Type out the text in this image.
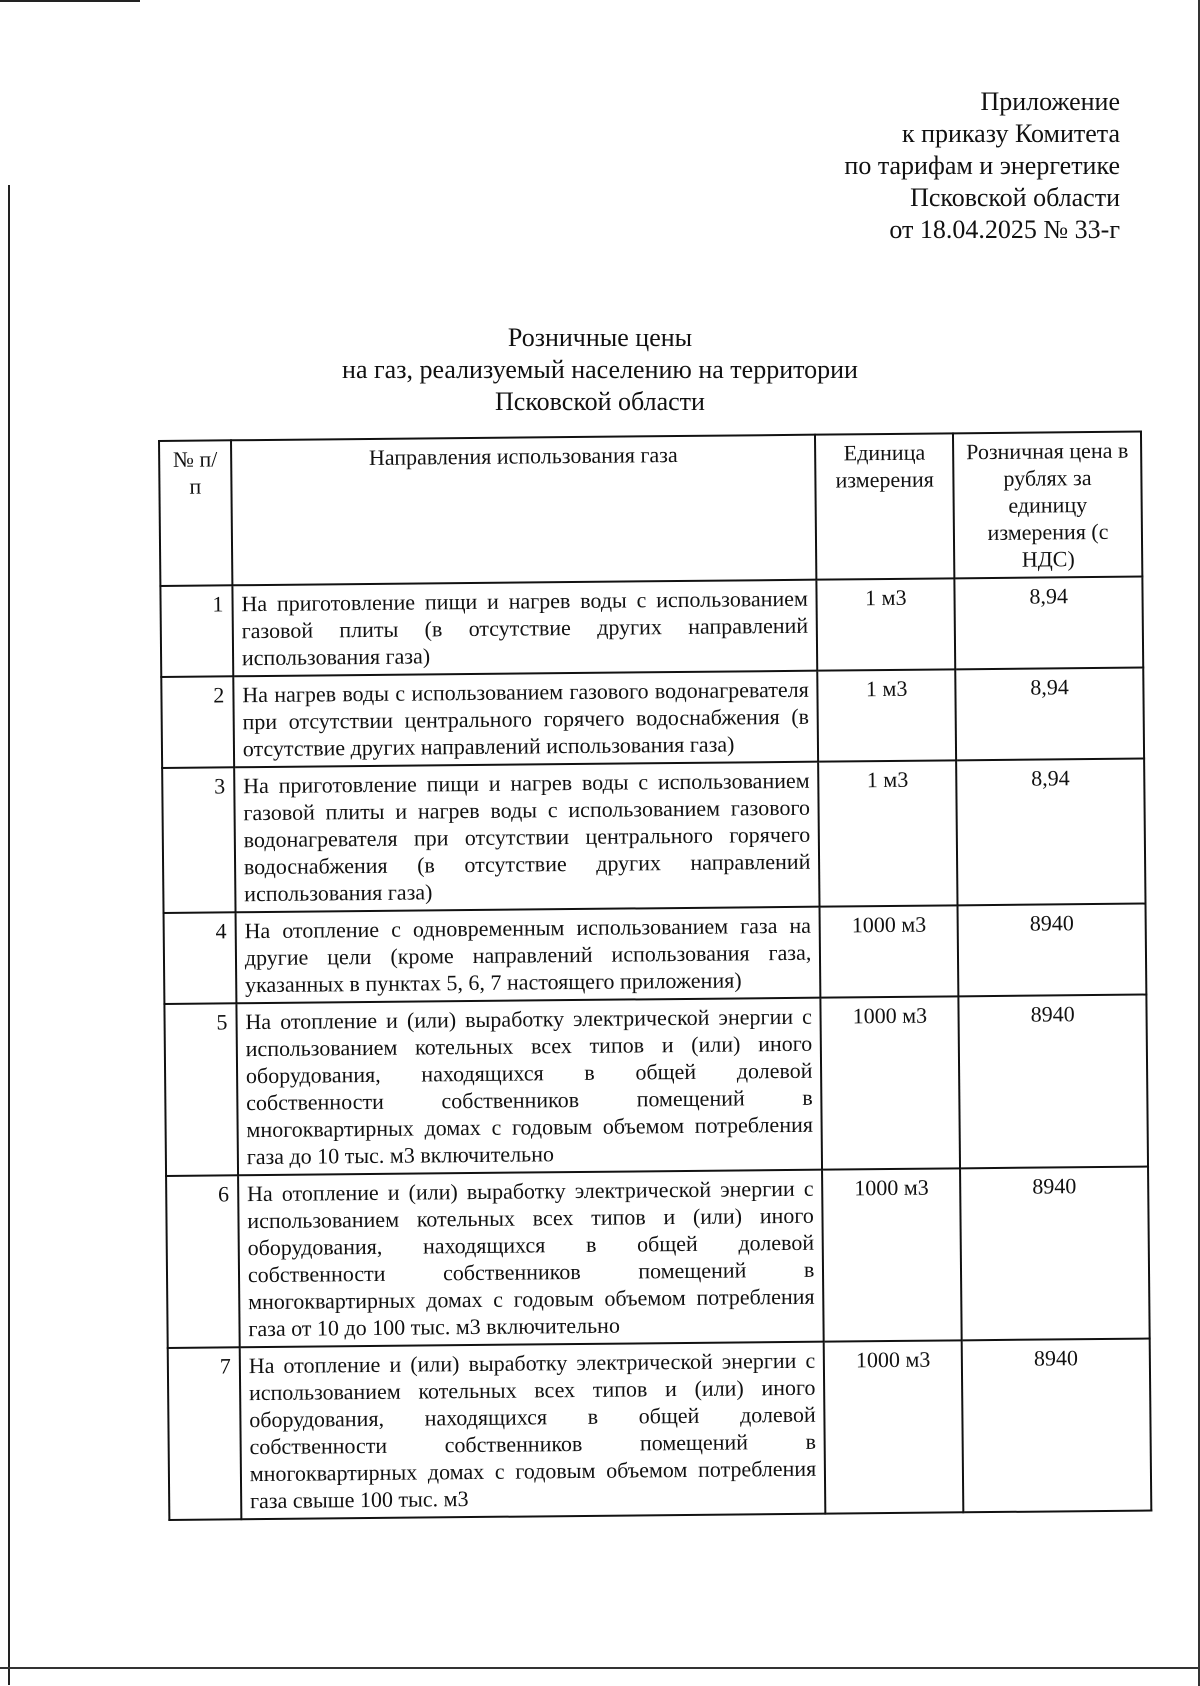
Приложение
к приказу Комитета
по тарифам и энергетике
Псковской области
от 18.04.2025 № 33-г
Розничные цены
на газ, реализуемый населению на территории
Псковской области
№ п/п	Направления использования газа	Единица измерения	Розничная цена в рублях за единицу измерения (с НДС)
1	На приготовление пищи и нагрев воды с использованием газовой плиты (в отсутствие других направлений использования газа)	1 м3	8,94
2	На нагрев воды с использованием газового водонагревателя при отсутствии центрального горячего водоснабжения (в отсутствие других направлений использования газа)	1 м3	8,94
3	На приготовление пищи и нагрев воды с использованием газовой плиты и нагрев воды с использованием газового водонагревателя при отсутствии центрального горячего водоснабжения (в отсутствие других направлений использования газа)	1 м3	8,94
4	На отопление с одновременным использованием газа на другие цели (кроме направлений использования газа, указанных в пунктах 5, 6, 7 настоящего приложения)	1000 м3	8940
5	На отопление и (или) выработку электрической энергии с использованием котельных всех типов и (или) иного оборудования, находящихся в общей долевой собственности собственников помещений в многоквартирных домах с годовым объемом потребления газа до 10 тыс. м3 включительно	1000 м3	8940
6	На отопление и (или) выработку электрической энергии с использованием котельных всех типов и (или) иного оборудования, находящихся в общей долевой собственности собственников помещений в многоквартирных домах с годовым объемом потребления газа от 10 до 100 тыс. м3 включительно	1000 м3	8940
7	На отопление и (или) выработку электрической энергии с использованием котельных всех типов и (или) иного оборудования, находящихся в общей долевой собственности собственников помещений в многоквартирных домах с годовым объемом потребления газа свыше 100 тыс. м3	1000 м3	8940
